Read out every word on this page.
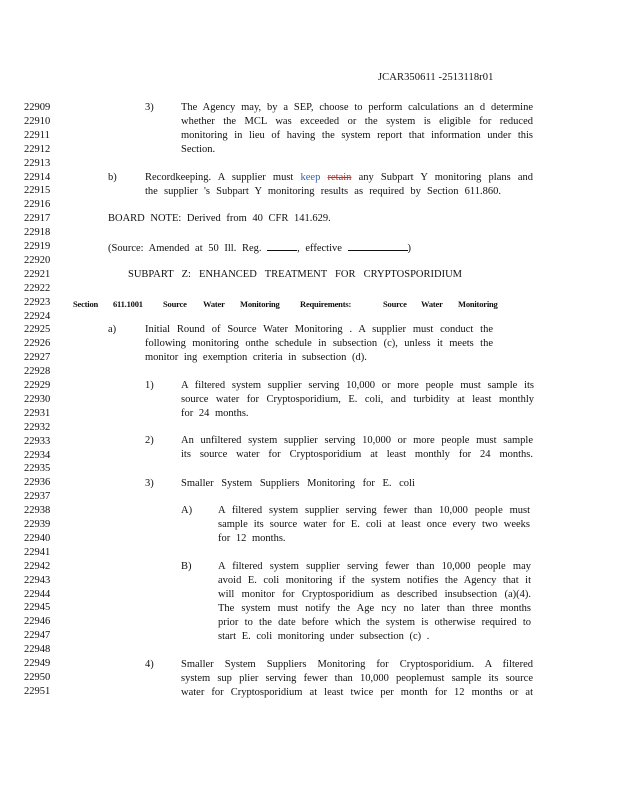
JCAR350611 -2513118r01
22909
22910
22911
22912
22913
22914
22915
22916
22917
22918
22919
22920
22921
22922
22923
22924
22925
22926
22927
22928
22929
22930
22931
22932
22933
22934
22935
22936
22937
22938
22939
22940
22941
22942
22943
22944
22945
22946
22947
22948
22949
22950
22951
3)	The Agency may, by a SEP, choose to perform calculations an d determine
whether the MCL was exceeded or the system is eligible for reduced
monitoring in lieu of having the system report that information under this
Section.
b)	Recordkeeping. A supplier must keep retain any Subpart Y monitoring plans and
the supplier 's Subpart Y monitoring results as required by Section 611.860.
BOARD NOTE: Derived from 40 CFR 141.629.
(Source: Amended at 50 Ill. Reg.	, effective	)
SUBPART Z: ENHANCED TREATMENT FOR CRYPTOSPORIDIUM
Section 611.1001 Source Water Monitoring Requirements:	Source Water Monitoring
a)	Initial Round of Source Water Monitoring . A supplier must conduct the
following monitoring onthe schedule in subsection (c), unless it meets the
monitor ing exemption criteria in subsection (d).
1)	A filtered system supplier serving 10,000 or more people must sample its
source water for Cryptosporidium, E. coli, and turbidity at least monthly
for 24 months.
2)	An unfiltered system supplier serving 10,000 or more people must sample
its source water for Cryptosporidium at least monthly for 24 months.
3)	Smaller System Suppliers Monitoring for E. coli
A) A filtered system supplier serving fewer than 10,000 people must
sample its source water for E. coli at least once every two weeks
for 12 months.
B)	A filtered system supplier serving fewer than 10,000 people may
avoid E. coli monitoring if the system notifies the Agency that it
will monitor for Cryptosporidium as described insubsection (a)(4).
The system must notify the Age ncy no later than three months
prior to the date before which the system is otherwise required to
start E. coli monitoring under subsection (c) .
4)	Smaller System Suppliers Monitoring for Cryptosporidium. A filtered
system sup plier serving fewer than 10,000 peoplemust sample its source
water for Cryptosporidium at least twice per month for 12 months or at
